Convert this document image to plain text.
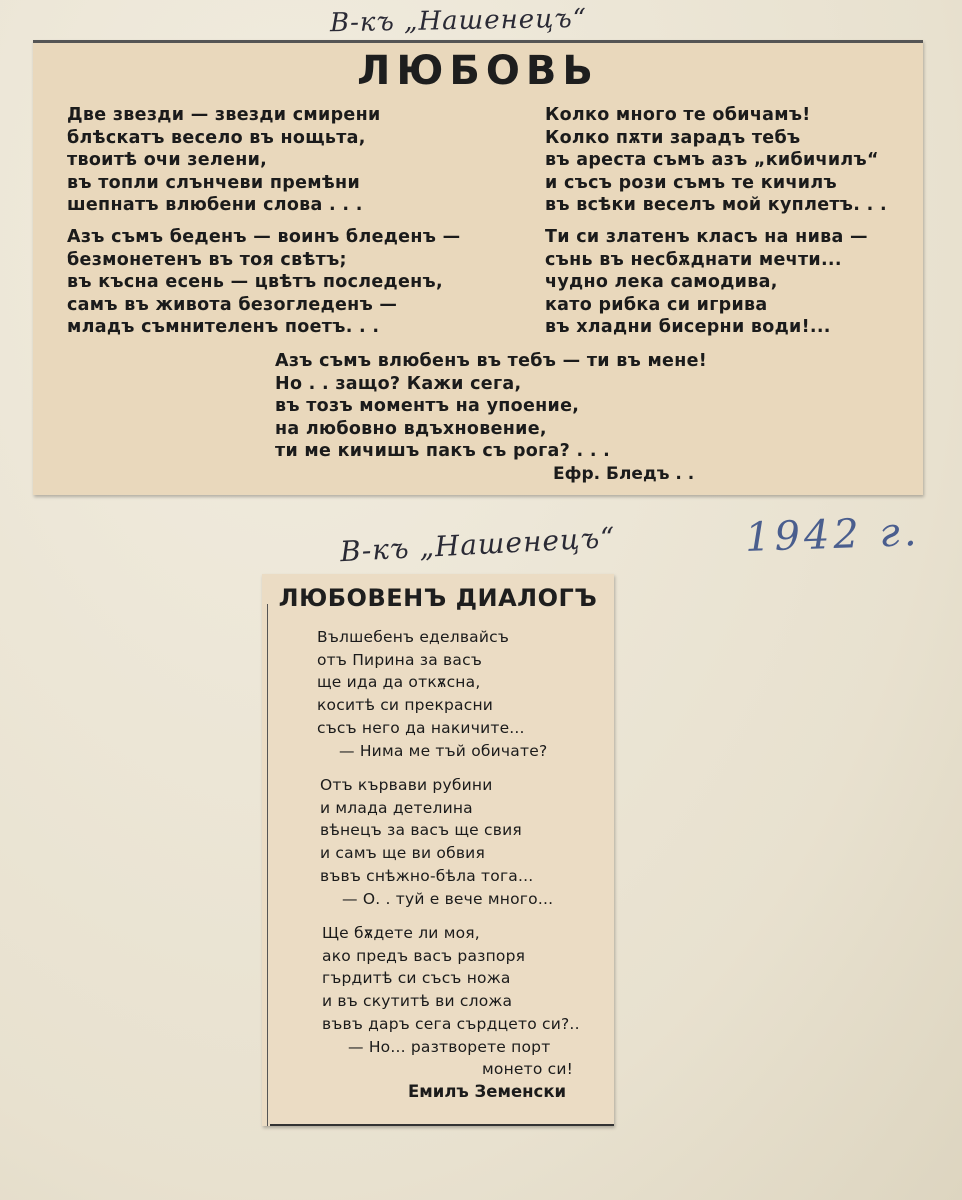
В-къ „Нашенецъ“
ЛЮБОВЬ
Две звезди — звезди смирени
блѣскатъ весело въ нощьта,
твоитѣ очи зелени,
въ топли слънчеви премѣни
шепнатъ влюбени слова . . .
Азъ съмъ беденъ — воинъ бледенъ —
безмонетенъ въ тоя свѣтъ;
въ късна есень — цвѣтъ последенъ,
самъ въ живота безогледенъ —
младъ съмнителенъ поетъ. . .
Колко много те обичамъ!
Колко пѫти зарадъ тебъ
въ ареста съмъ азъ „кибичилъ“
и съсъ рози съмъ те кичилъ
въ всѣки веселъ мой куплетъ. . .
Ти си златенъ класъ на нива —
сънь въ несбѫднати мечти...
чудно лека самодива,
като рибка си игрива
въ хладни бисерни води!...
Азъ съмъ влюбенъ въ тебъ — ти въ мене!
Но . . защо? Кажи сега,
въ тозъ моментъ на упоение,
на любовно вдъхновение,
ти ме кичишъ пакъ съ рога? . . .
Ефр. Бледъ . .
В-къ „Нашенецъ“	1942 г.
ЛЮБОВЕНЪ ДИАЛОГЪ
Вълшебенъ еделвайсъ
отъ Пирина за васъ
ще ида да откѫсна,
коситѣ си прекрасни
съсъ него да накичите...
— Нима ме тъй обичате?
Отъ кървави рубини
и млада детелина
вѣнецъ за васъ ще свия
и самъ ще ви обвия
въвъ снѣжно-бѣла тога...
— О. . туй е вече много...
Ще бѫдете ли моя,
ако предъ васъ разпоря
гърдитѣ си съсъ ножа
и въ скутитѣ ви сложа
въвъ даръ сега сърдцето си?..
— Но... разтворете порт
монето си!
Емилъ Земенски
